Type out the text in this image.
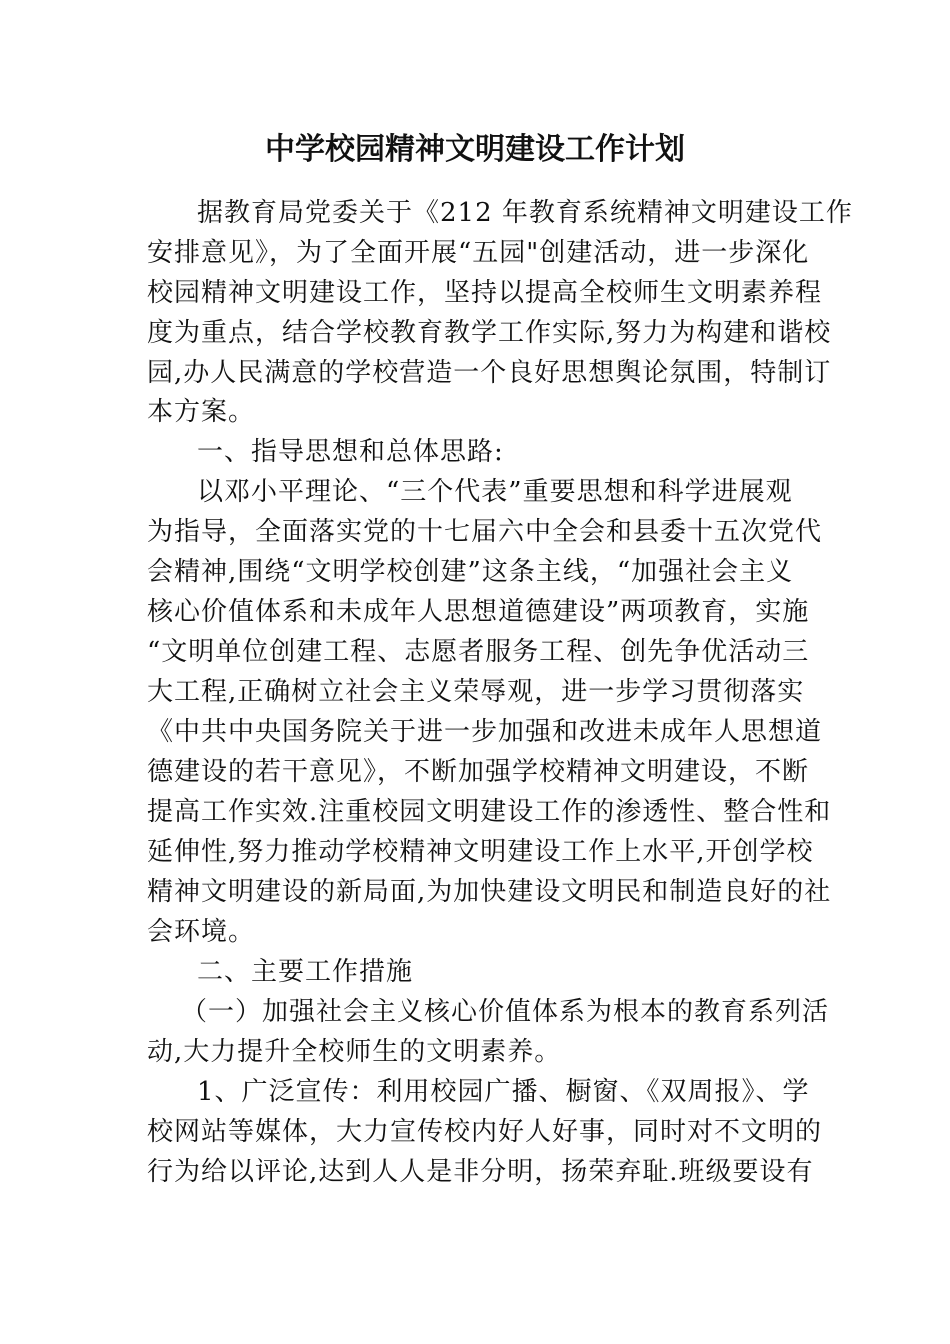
中学校园精神文明建设工作计划
据教育局党委关于《212 年教育系统精神文明建设工作
安排意见》，为了全面开展“五园"创建活动，进一步深化
校园精神文明建设工作，坚持以提高全校师生文明素养程
度为重点，结合学校教育教学工作实际,努力为构建和谐校
园,办人民满意的学校营造一个良好思想舆论氛围，特制订
本方案。
一、指导思想和总体思路:
以邓小平理论、“三个代表”重要思想和科学进展观
为指导，全面落实党的十七届六中全会和县委十五次党代
会精神,围绕“文明学校创建”这条主线，“加强社会主义
核心价值体系和未成年人思想道德建设”两项教育，实施
“文明单位创建工程、志愿者服务工程、创先争优活动三
大工程,正确树立社会主义荣辱观，进一步学习贯彻落实
《中共中央国务院关于进一步加强和改进未成年人思想道
德建设的若干意见》，不断加强学校精神文明建设，不断
提高工作实效.注重校园文明建设工作的渗透性、整合性和
延伸性,努力推动学校精神文明建设工作上水平,开创学校
精神文明建设的新局面,为加快建设文明民和制造良好的社
会环境。
二、主要工作措施
（一）加强社会主义核心价值体系为根本的教育系列活
动,大力提升全校师生的文明素养。
1、广泛宣传：利用校园广播、橱窗、《双周报》、学
校网站等媒体，大力宣传校内好人好事，同时对不文明的
行为给以评论,达到人人是非分明，扬荣弃耻.班级要设有
